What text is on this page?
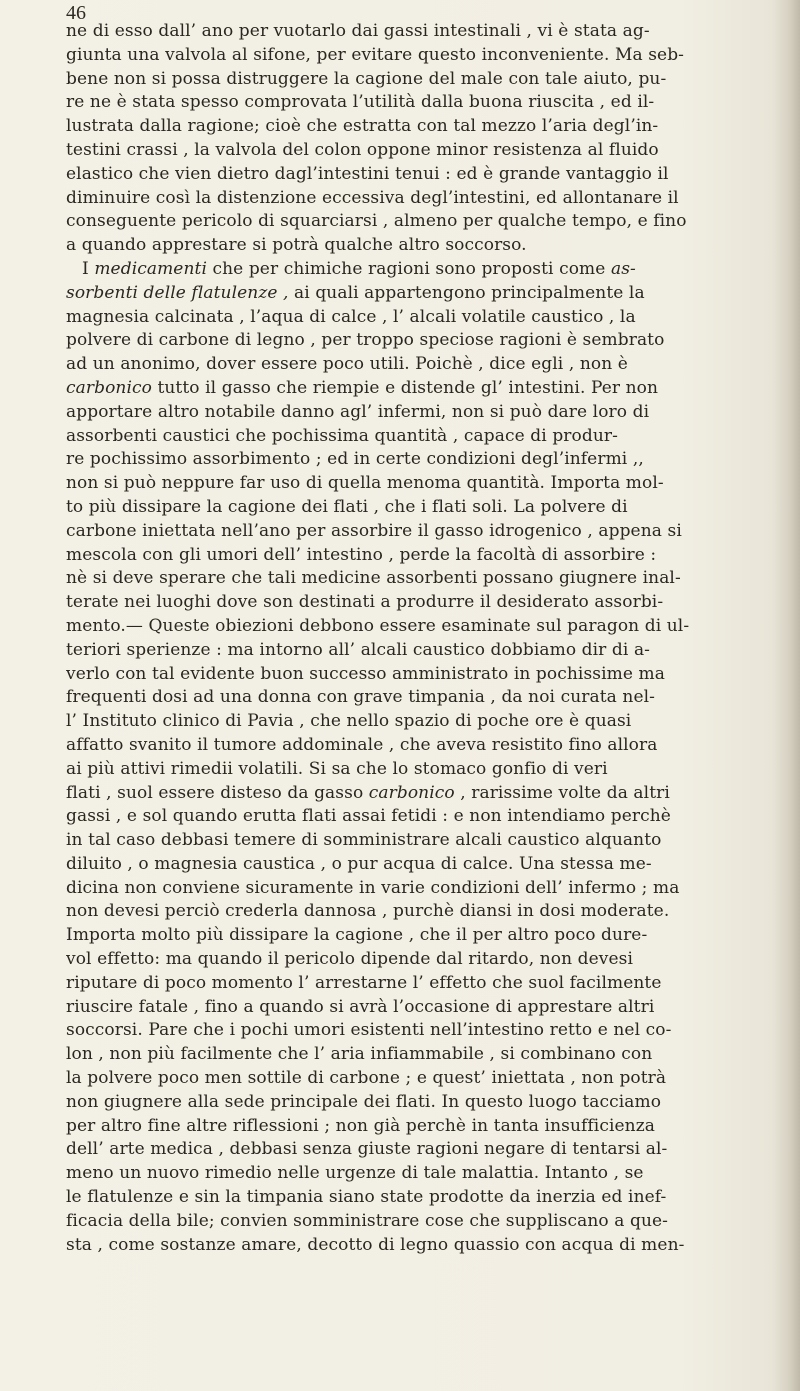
46
ne di esso dall’ ano per vuotarlo dai gassi intestinali , vi è stata ag-
giunta una valvola al sifone, per evitare questo inconveniente. Ma seb-
bene non si possa distruggere la cagione del male con tale aiuto, pu-
re ne è stata spesso comprovata l’utilità dalla buona riuscita , ed il-
lustrata dalla ragione; cioè che estratta con tal mezzo l’aria degl’in-
testini crassi , la valvola del colon oppone minor resistenza al fluido
elastico che vien dietro dagl’intestini tenui : ed è grande vantaggio il
diminuire così la distenzione eccessiva degl’intestini, ed allontanare il
conseguente pericolo di squarciarsi , almeno per qualche tempo, e fino
a quando apprestare si potrà qualche altro soccorso.
I medicamenti che per chimiche ragioni sono proposti come as-
sorbenti delle flatulenze , ai quali appartengono principalmente la
magnesia calcinata , l’aqua di calce , l’ alcali volatile caustico , la
polvere di carbone di legno , per troppo speciose ragioni è sembrato
ad un anonimo, dover essere poco utili. Poichè , dice egli , non è
carbonico tutto il gasso che riempie e distende gl’ intestini. Per non
apportare altro notabile danno agl’ infermi, non si può dare loro di
assorbenti caustici che pochissima quantità , capace di produr-
re pochissimo assorbimento ; ed in certe condizioni degl’infermi ,,
non si può neppure far uso di quella menoma quantità. Importa mol-
to più dissipare la cagione dei flati , che i flati soli. La polvere di
carbone iniettata nell’ano per assorbire il gasso idrogenico , appena si
mescola con gli umori dell’ intestino , perde la facoltà di assorbire :
nè si deve sperare che tali medicine assorbenti possano giugnere inal-
terate nei luoghi dove son destinati a produrre il desiderato assorbi-
mento.— Queste obiezioni debbono essere esaminate sul paragon di ul-
teriori sperienze : ma intorno all’ alcali caustico dobbiamo dir di a-
verlo con tal evidente buon successo amministrato in pochissime ma
frequenti dosi ad una donna con grave timpania , da noi curata nel-
l’ Instituto clinico di Pavia , che nello spazio di poche ore è quasi
affatto svanito il tumore addominale , che aveva resistito fino allora
ai più attivi rimedii volatili. Si sa che lo stomaco gonfio di veri
flati , suol essere disteso da gasso carbonico , rarissime volte da altri
gassi , e sol quando erutta flati assai fetidi : e non intendiamo perchè
in tal caso debbasi temere di somministrare alcali caustico alquanto
diluito , o magnesia caustica , o pur acqua di calce. Una stessa me-
dicina non conviene sicuramente in varie condizioni dell’ infermo ; ma
non devesi perciò crederla dannosa , purchè diansi in dosi moderate.
Importa molto più dissipare la cagione , che il per altro poco dure-
vol effetto: ma quando il pericolo dipende dal ritardo, non devesi
riputare di poco momento l’ arrestarne l’ effetto che suol facilmente
riuscire fatale , fino a quando si avrà l’occasione di apprestare altri
soccorsi. Pare che i pochi umori esistenti nell’intestino retto e nel co-
lon , non più facilmente che l’ aria infiammabile , si combinano con
la polvere poco men sottile di carbone ; e quest’ iniettata , non potrà
non giugnere alla sede principale dei flati. In questo luogo tacciamo
per altro fine altre riflessioni ; non già perchè in tanta insufficienza
dell’ arte medica , debbasi senza giuste ragioni negare di tentarsi al-
meno un nuovo rimedio nelle urgenze di tale malattia. Intanto , se
le flatulenze e sin la timpania siano state prodotte da inerzia ed inef-
ficacia della bile; convien somministrare cose che suppliscano a que-
sta , come sostanze amare, decotto di legno quassio con acqua di men-
